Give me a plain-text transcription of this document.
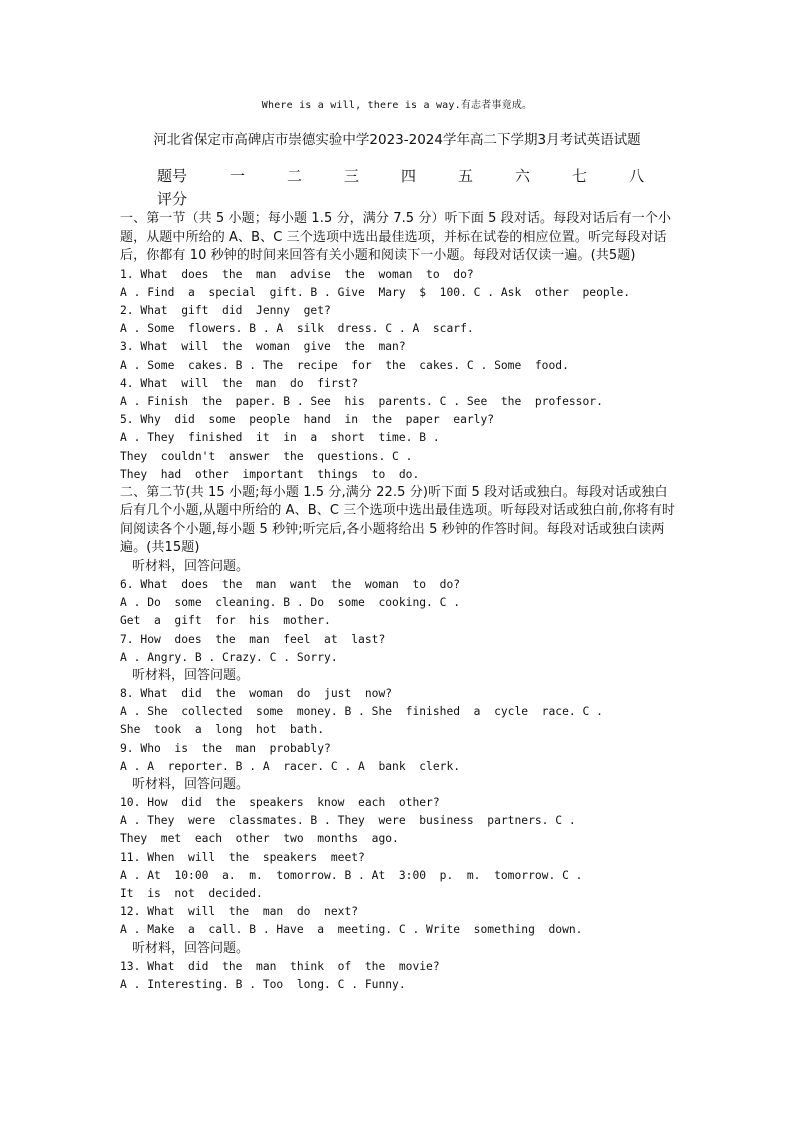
Where is a will, there is a way.有志者事竟成。
河北省保定市高碑店市崇德实验中学2023-2024学年高二下学期3月考试英语试题
题号	一	二	三	四	五	六	七	八
评分

一、第一节（共 5 小题；每小题 1.5 分，满分 7.5 分）听下面 5 段对话。每段对话后有一个小题，从题中所给的 A、B、C 三个选项中选出最佳选项，并标在试卷的相应位置。听完每段对话后，你都有 10 秒钟的时间来回答有关小题和阅读下一小题。每段对话仅读一遍。(共5题)

1. What  does  the  man  advise  the  woman  to  do?

A . Find  a  special  gift. B . Give  Mary  $  100. C . Ask  other  people.

2. What  gift  did  Jenny  get?

A . Some  flowers. B . A  silk  dress. C . A  scarf.

3. What  will  the  woman  give  the  man?

A . Some  cakes. B . The  recipe  for  the  cakes. C . Some  food.

4. What  will  the  man  do  first?

A . Finish  the  paper. B . See  his  parents. C . See  the  professor.

5. Why  did  some  people  hand  in  the  paper  early?

A . They  finished  it  in  a  short  time. B .

They  couldn't  answer  the  questions. C .

They  had  other  important  things  to  do.

二、第二节(共 15 小题;每小题 1.5 分,满分 22.5 分)听下面 5 段对话或独白。每段对话或独白后有几个小题,从题中所给的 A、B、C 三个选项中选出最佳选项。听每段对话或独白前,你将有时间阅读各个小题,每小题 5 秒钟;听完后,各小题将给出 5 秒钟的作答时间。每段对话或独白读两遍。(共15题)

听材料，回答问题。

6. What  does  the  man  want  the  woman  to  do?

A . Do  some  cleaning. B . Do  some  cooking. C .

Get  a  gift  for  his  mother.

7. How  does  the  man  feel  at  last?

A . Angry. B . Crazy. C . Sorry.

听材料，回答问题。

8. What  did  the  woman  do  just  now?

A . She  collected  some  money. B . She  finished  a  cycle  race. C .

She  took  a  long  hot  bath.

9. Who  is  the  man  probably?

A . A  reporter. B . A  racer. C . A  bank  clerk.

听材料，回答问题。

10. How  did  the  speakers  know  each  other?

A . They  were  classmates. B . They  were  business  partners. C .

They  met  each  other  two  months  ago.

11. When  will  the  speakers  meet?

A . At  10:00  a.  m.  tomorrow. B . At  3:00  p.  m.  tomorrow. C .

It  is  not  decided.

12. What  will  the  man  do  next?

A . Make  a  call. B . Have  a  meeting. C . Write  something  down.

听材料，回答问题。

13. What  did  the  man  think  of  the  movie?

A . Interesting. B . Too  long. C . Funny.
